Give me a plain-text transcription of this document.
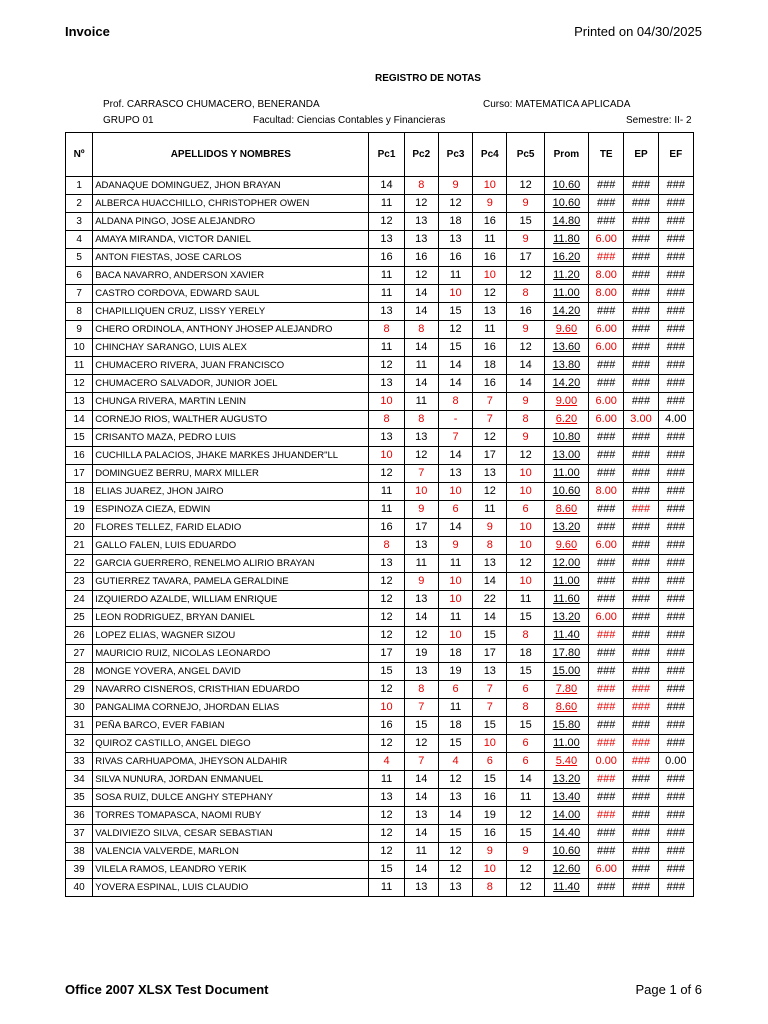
Invoice	Printed on 04/30/2025
REGISTRO DE NOTAS
Prof. CARRASCO CHUMACERO, BENERANDA	Curso: MATEMATICA APLICADA
GRUPO 01	Facultad: Ciencias Contables y Financieras	Semestre: II- 2
Nº	APELLIDOS Y NOMBRES	Pc1	Pc2	Pc3	Pc4	Pc5	Prom	TE	EP	EF
1	ADANAQUE DOMINGUEZ, JHON BRAYAN	14	8	9	10	12	10.60	###	###	###
2	ALBERCA HUACCHILLO, CHRISTOPHER OWEN	11	12	12	9	9	10.60	###	###	###
3	ALDANA PINGO, JOSE ALEJANDRO	12	13	18	16	15	14.80	###	###	###
4	AMAYA MIRANDA, VICTOR DANIEL	13	13	13	11	9	11.80	6.00	###	###
5	ANTON FIESTAS, JOSE CARLOS	16	16	16	16	17	16.20	###	###	###
6	BACA NAVARRO, ANDERSON XAVIER	11	12	11	10	12	11.20	8.00	###	###
7	CASTRO CORDOVA, EDWARD SAUL	11	14	10	12	8	11.00	8.00	###	###
8	CHAPILLIQUEN CRUZ, LISSY YERELY	13	14	15	13	16	14.20	###	###	###
9	CHERO ORDINOLA, ANTHONY JHOSEP ALEJANDRO	8	8	12	11	9	9.60	6.00	###	###
10	CHINCHAY SARANGO, LUIS ALEX	11	14	15	16	12	13.60	6.00	###	###
11	CHUMACERO RIVERA, JUAN FRANCISCO	12	11	14	18	14	13.80	###	###	###
12	CHUMACERO SALVADOR, JUNIOR JOEL	13	14	14	16	14	14.20	###	###	###
13	CHUNGA RIVERA, MARTIN LENIN	10	11	8	7	9	9.00	6.00	###	###
14	CORNEJO RIOS, WALTHER AUGUSTO	8	8	-	7	8	6.20	6.00	3.00	4.00
15	CRISANTO MAZA, PEDRO LUIS	13	13	7	12	9	10.80	###	###	###
16	CUCHILLA PALACIOS, JHAKE MARKES JHUANDER"LL	10	12	14	17	12	13.00	###	###	###
17	DOMINGUEZ BERRU, MARX MILLER	12	7	13	13	10	11.00	###	###	###
18	ELIAS JUAREZ, JHON JAIRO	11	10	10	12	10	10.60	8.00	###	###
19	ESPINOZA CIEZA, EDWIN	11	9	6	11	6	8.60	###	###	###
20	FLORES TELLEZ, FARID ELADIO	16	17	14	9	10	13.20	###	###	###
21	GALLO FALEN, LUIS EDUARDO	8	13	9	8	10	9.60	6.00	###	###
22	GARCIA GUERRERO, RENELMO ALIRIO BRAYAN	13	11	11	13	12	12.00	###	###	###
23	GUTIERREZ TAVARA, PAMELA GERALDINE	12	9	10	14	10	11.00	###	###	###
24	IZQUIERDO AZALDE, WILLIAM ENRIQUE	12	13	10	22	11	11.60	###	###	###
25	LEON RODRIGUEZ, BRYAN DANIEL	12	14	11	14	15	13.20	6.00	###	###
26	LOPEZ ELIAS, WAGNER SIZOU	12	12	10	15	8	11.40	###	###	###
27	MAURICIO RUIZ, NICOLAS LEONARDO	17	19	18	17	18	17.80	###	###	###
28	MONGE YOVERA, ANGEL DAVID	15	13	19	13	15	15.00	###	###	###
29	NAVARRO CISNEROS, CRISTHIAN EDUARDO	12	8	6	7	6	7.80	###	###	###
30	PANGALIMA CORNEJO, JHORDAN ELIAS	10	7	11	7	8	8.60	###	###	###
31	PEÑA BARCO, EVER FABIAN	16	15	18	15	15	15.80	###	###	###
32	QUIROZ CASTILLO, ANGEL DIEGO	12	12	15	10	6	11.00	###	###	###
33	RIVAS CARHUAPOMA, JHEYSON ALDAHIR	4	7	4	6	6	5.40	0.00	###	0.00
34	SILVA NUNURA, JORDAN ENMANUEL	11	14	12	15	14	13.20	###	###	###
35	SOSA RUIZ, DULCE ANGHY STEPHANY	13	14	13	16	11	13.40	###	###	###
36	TORRES TOMAPASCA, NAOMI RUBY	12	13	14	19	12	14.00	###	###	###
37	VALDIVIEZO SILVA, CESAR SEBASTIAN	12	14	15	16	15	14.40	###	###	###
38	VALENCIA VALVERDE, MARLON	12	11	12	9	9	10.60	###	###	###
39	VILELA RAMOS, LEANDRO YERIK	15	14	12	10	12	12.60	6.00	###	###
40	YOVERA ESPINAL, LUIS CLAUDIO	11	13	13	8	12	11.40	###	###	###
Office 2007 XLSX Test Document	Page 1 of 6
